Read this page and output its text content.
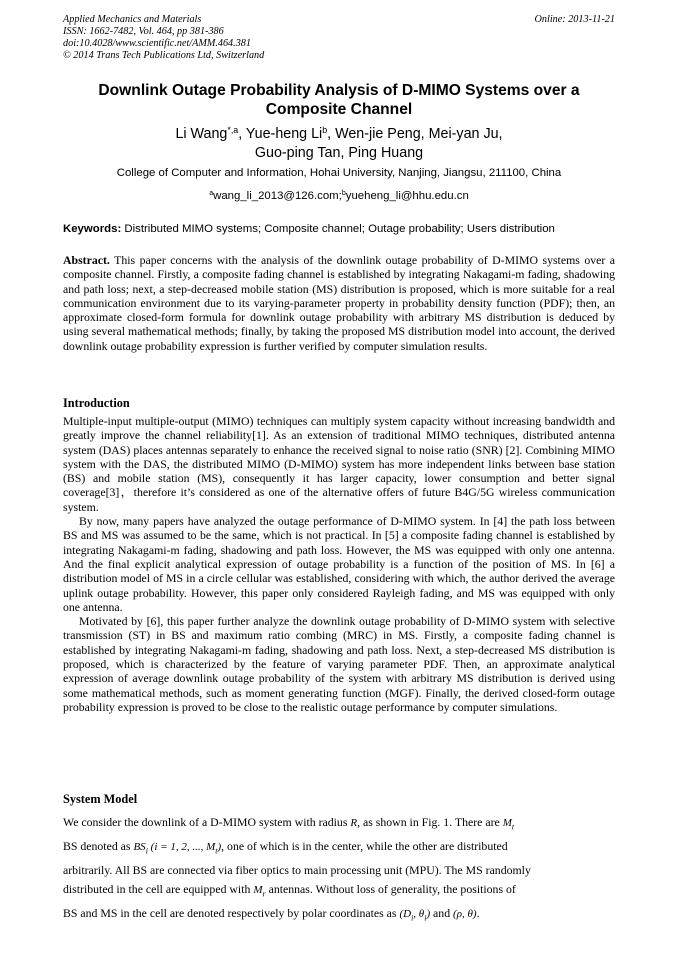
Applied Mechanics and Materials
ISSN: 1662-7482, Vol. 464, pp 381-386
doi:10.4028/www.scientific.net/AMM.464.381
© 2014 Trans Tech Publications Ltd, Switzerland
Online: 2013-11-21
Downlink Outage Probability Analysis of D-MIMO Systems over a
Composite Channel
Li Wang$^{*,a}$, Yue-heng Li$^b$, Wen-jie Peng, Mei-yan Ju,
Guo-ping Tan, Ping Huang
College of Computer and Information, Hohai University, Nanjing, Jiangsu, 211100, China
$^a$wang_li_2013@126.com;$^b$yueheng_li@hhu.edu.cn
Keywords: Distributed MIMO systems; Composite channel; Outage probability; Users distribution

Abstract. This paper concerns with the analysis of the downlink outage probability of D-MIMO systems over a composite channel. Firstly, a composite fading channel is established by integrating Nakagami-m fading, shadowing and path loss; next, a step-decreased mobile station (MS) distribution is proposed, which is more suitable for a real communication environment due to its varying-parameter property in probability density function (PDF); then, an approximate closed-form formula for downlink outage probability with arbitrary MS distribution is deduced by using several mathematical methods; finally, by taking the proposed MS distribution model into account, the derived downlink outage probability expression is further verified by computer simulation results.

Introduction

Multiple-input multiple-output (MIMO) techniques can multiply system capacity without increasing bandwidth and greatly improve the channel reliability[1]. As an extension of traditional MIMO techniques, distributed antenna system (DAS) places antennas separately to enhance the received signal to noise ratio (SNR) [2]. Combining MIMO system with the DAS, the distributed MIMO (D-MIMO) system has more independent links between base station (BS) and mobile station (MS), consequently it has larger capacity, lower consumption and better signal coverage[3]，therefore it’s considered as one of the alternative offers of future B4G/5G wireless communication system.

By now, many papers have analyzed the outage performance of D-MIMO system. In [4] the path loss between BS and MS was assumed to be the same, which is not practical. In [5] a composite fading channel is established by integrating Nakagami-m fading, shadowing and path loss. However, the MS was equipped with only one antenna. And the final explicit analytical expression of outage probability is a function of the position of MS. In [6] a distribution model of MS in a circle cellular was established, considering with which, the author derived the average uplink outage probability. However, this paper only considered Rayleigh fading, and MS was equipped with only one antenna.

Motivated by [6], this paper further analyze the downlink outage probability of D-MIMO system with selective transmission (ST) in BS and maximum ratio combing (MRC) in MS. Firstly, a composite fading channel is established by integrating Nakagami-m fading, shadowing and path loss. Next, a step-decreased MS distribution is proposed, which is characterized by the feature of varying parameter PDF. Then, an approximate analytical expression of average downlink outage probability of the system with arbitrary MS distribution is derived using some mathematical methods, such as moment generating function (MGF). Finally, the derived closed-form outage probability expression is proved to be close to the realistic outage performance by computer simulations.

System Model

We consider the downlink of a D-MIMO system with radius R, as shown in Fig. 1. There are $M_t$

BS denoted as $BS_i$ (i = 1, 2, ..., $M_t$), one of which is in the center, while the other are distributed

arbitrarily. All BS are connected via fiber optics to main processing unit (MPU). The MS randomly

distributed in the cell are equipped with $M_r$ antennas. Without loss of generality, the positions of

BS and MS in the cell are denoted respectively by polar coordinates as ($D_i$, $\theta_i$) and (ρ, θ).
